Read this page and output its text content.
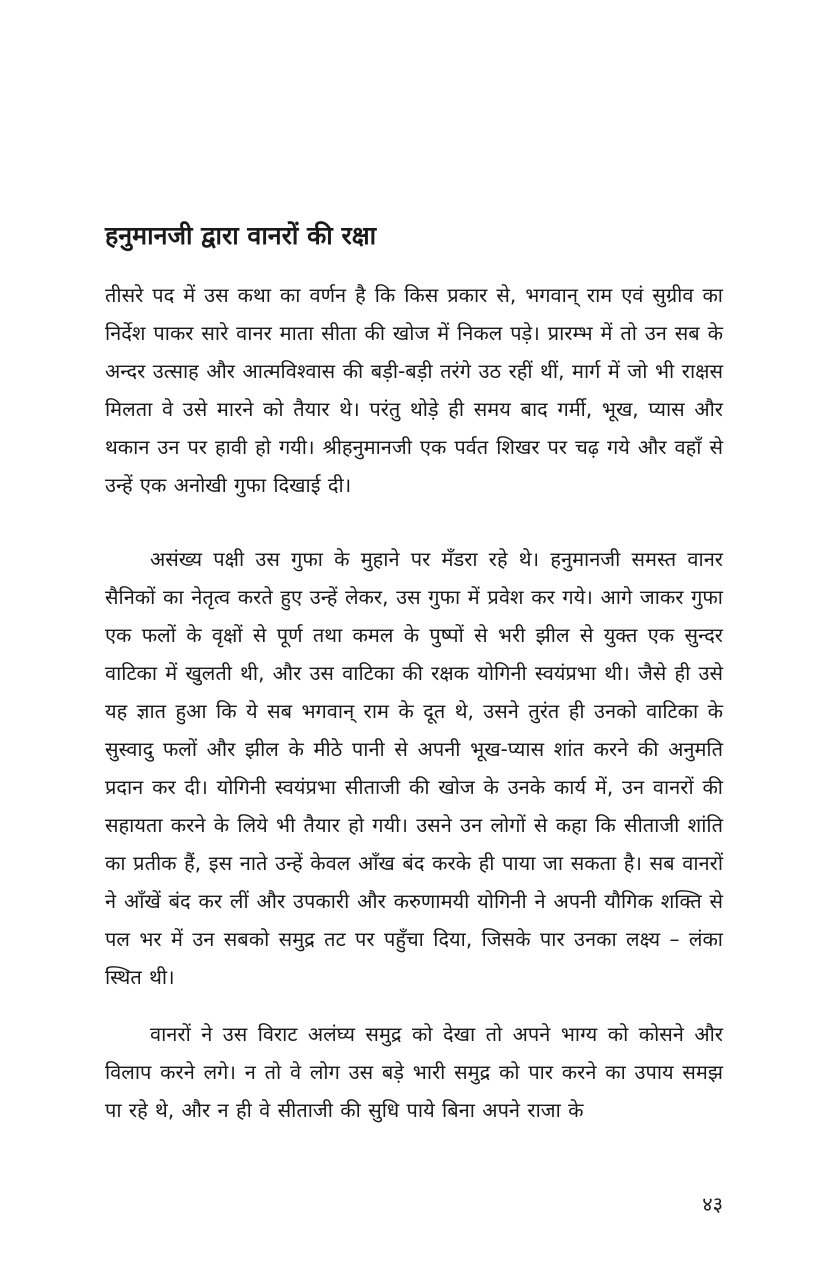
हनुमानजी द्वारा वानरों की रक्षा

तीसरे पद में उस कथा का वर्णन है कि किस प्रकार से, भगवान् राम एवं सुग्रीव का निर्देश पाकर सारे वानर माता सीता की खोज में निकल पड़े। प्रारम्भ में तो उन सब के अन्दर उत्साह और आत्मविश्वास की बड़ी-बड़ी तरंगे उठ रहीं थीं, मार्ग में जो भी राक्षस मिलता वे उसे मारने को तैयार थे। परंतु थोड़े ही समय बाद गर्मी, भूख, प्यास और थकान उन पर हावी हो गयी। श्रीहनुमानजी एक पर्वत शिखर पर चढ़ गये और वहाँ से उन्हें एक अनोखी गुफा दिखाई दी।

असंख्य पक्षी उस गुफा के मुहाने पर मँडरा रहे थे। हनुमानजी समस्त वानर सैनिकों का नेतृत्व करते हुए उन्हें लेकर, उस गुफा में प्रवेश कर गये। आगे जाकर गुफा एक फलों के वृक्षों से पूर्ण तथा कमल के पुष्पों से भरी झील से युक्त एक सुन्दर वाटिका में खुलती थी, और उस वाटिका की रक्षक योगिनी स्वयंप्रभा थी। जैसे ही उसे यह ज्ञात हुआ कि ये सब भगवान् राम के दूत थे, उसने तुरंत ही उनको वाटिका के सुस्वादु फलों और झील के मीठे पानी से अपनी भूख-प्यास शांत करने की अनुमति प्रदान कर दी। योगिनी स्वयंप्रभा सीताजी की खोज के उनके कार्य में, उन वानरों की सहायता करने के लिये भी तैयार हो गयी। उसने उन लोगों से कहा कि सीताजी शांति का प्रतीक हैं, इस नाते उन्हें केवल आँख बंद करके ही पाया जा सकता है। सब वानरों ने आँखें बंद कर लीं और उपकारी और करुणामयी योगिनी ने अपनी यौगिक शक्ति से पल भर में उन सबको समुद्र तट पर पहुँचा दिया, जिसके पार उनका लक्ष्य – लंका स्थित थी।

वानरों ने उस विराट अलंघ्य समुद्र को देखा तो अपने भाग्य को कोसने और विलाप करने लगे। न तो वे लोग उस बड़े भारी समुद्र को पार करने का उपाय समझ पा रहे थे, और न ही वे सीताजी की सुधि पाये बिना अपने राजा के

४३
